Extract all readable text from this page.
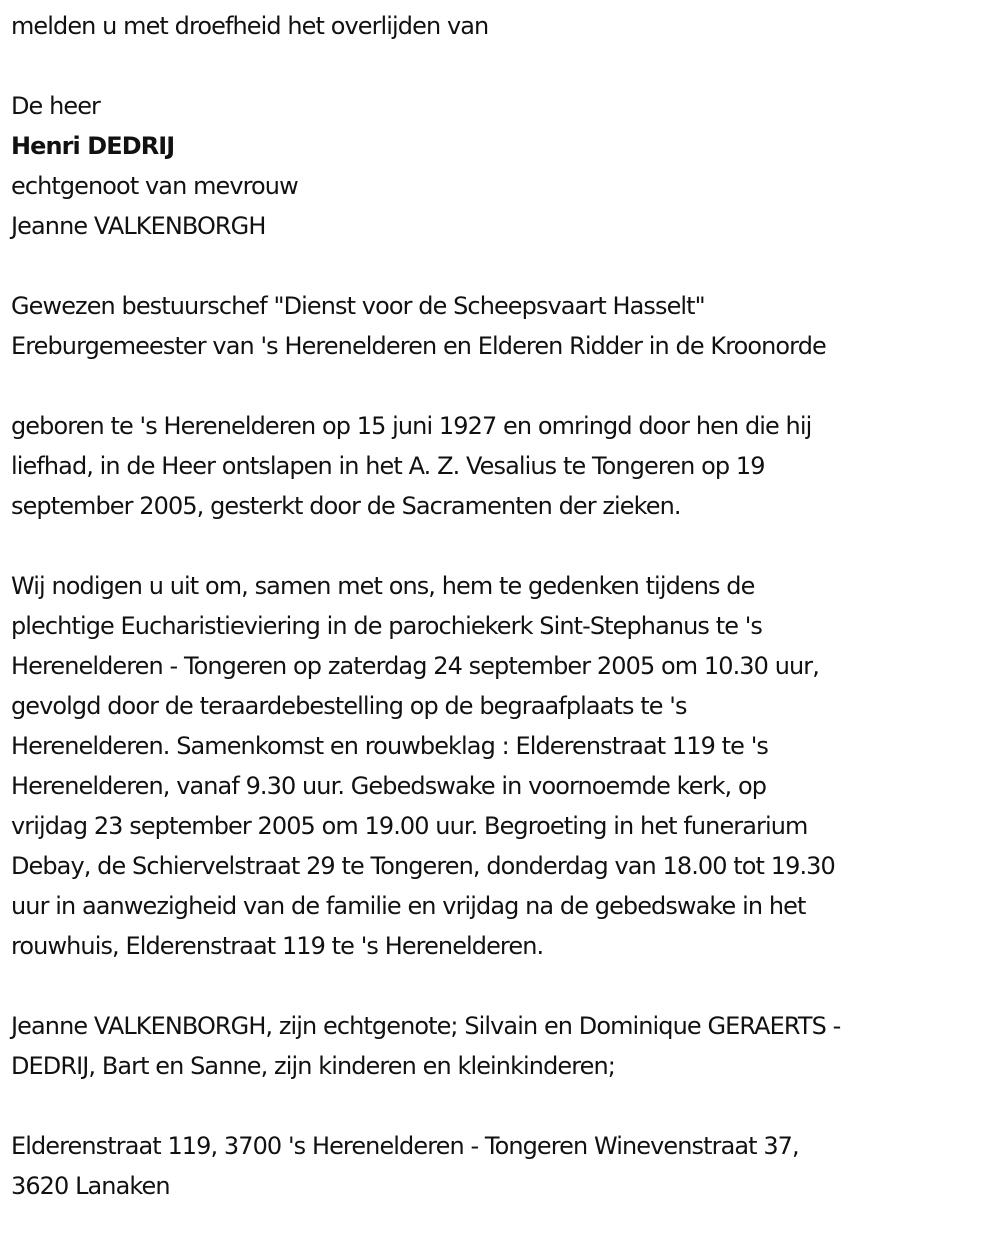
melden u met droefheid het overlijden van
De heer
Henri DEDRIJ
echtgenoot van mevrouw
Jeanne VALKENBORGH
Gewezen bestuurschef "Dienst voor de Scheepsvaart Hasselt"
Ereburgemeester van 's Herenelderen en Elderen Ridder in de Kroonorde
geboren te 's Herenelderen op 15 juni 1927 en omringd door hen die hij
liefhad, in de Heer ontslapen in het A. Z. Vesalius te Tongeren op 19
september 2005, gesterkt door de Sacramenten der zieken.
Wij nodigen u uit om, samen met ons, hem te gedenken tijdens de
plechtige Eucharistieviering in de parochiekerk Sint-Stephanus te 's
Herenelderen - Tongeren op zaterdag 24 september 2005 om 10.30 uur,
gevolgd door de teraardebestelling op de begraafplaats te 's
Herenelderen. Samenkomst en rouwbeklag : Elderenstraat 119 te 's
Herenelderen, vanaf 9.30 uur. Gebedswake in voornoemde kerk, op
vrijdag 23 september 2005 om 19.00 uur. Begroeting in het funerarium
Debay, de Schiervelstraat 29 te Tongeren, donderdag van 18.00 tot 19.30
uur in aanwezigheid van de familie en vrijdag na de gebedswake in het
rouwhuis, Elderenstraat 119 te 's Herenelderen.
Jeanne VALKENBORGH, zijn echtgenote; Silvain en Dominique GERAERTS -
DEDRIJ, Bart en Sanne, zijn kinderen en kleinkinderen;
Elderenstraat 119, 3700 's Herenelderen - Tongeren Winevenstraat 37,
3620 Lanaken
